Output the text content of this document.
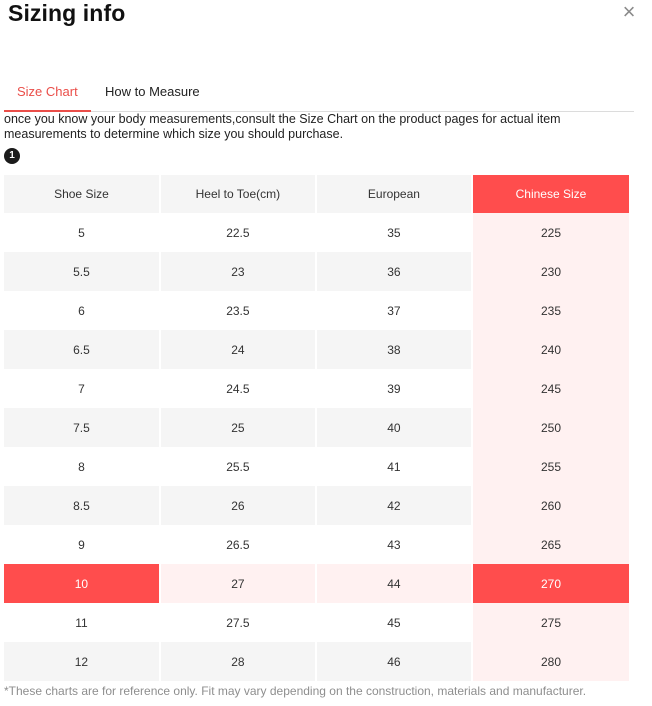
Sizing info	×
Size Chart	How to Measure
once you know your body measurements,consult the Size Chart on the product pages for actual item measurements to determine which size you should purchase.
1
Shoe Size	Heel to Toe(cm)	European	Chinese Size
5	22.5	35	225
5.5	23	36	230
6	23.5	37	235
6.5	24	38	240
7	24.5	39	245
7.5	25	40	250
8	25.5	41	255
8.5	26	42	260
9	26.5	43	265
10	27	44	270
11	27.5	45	275
12	28	46	280
*These charts are for reference only. Fit may vary depending on the construction, materials and manufacturer.
